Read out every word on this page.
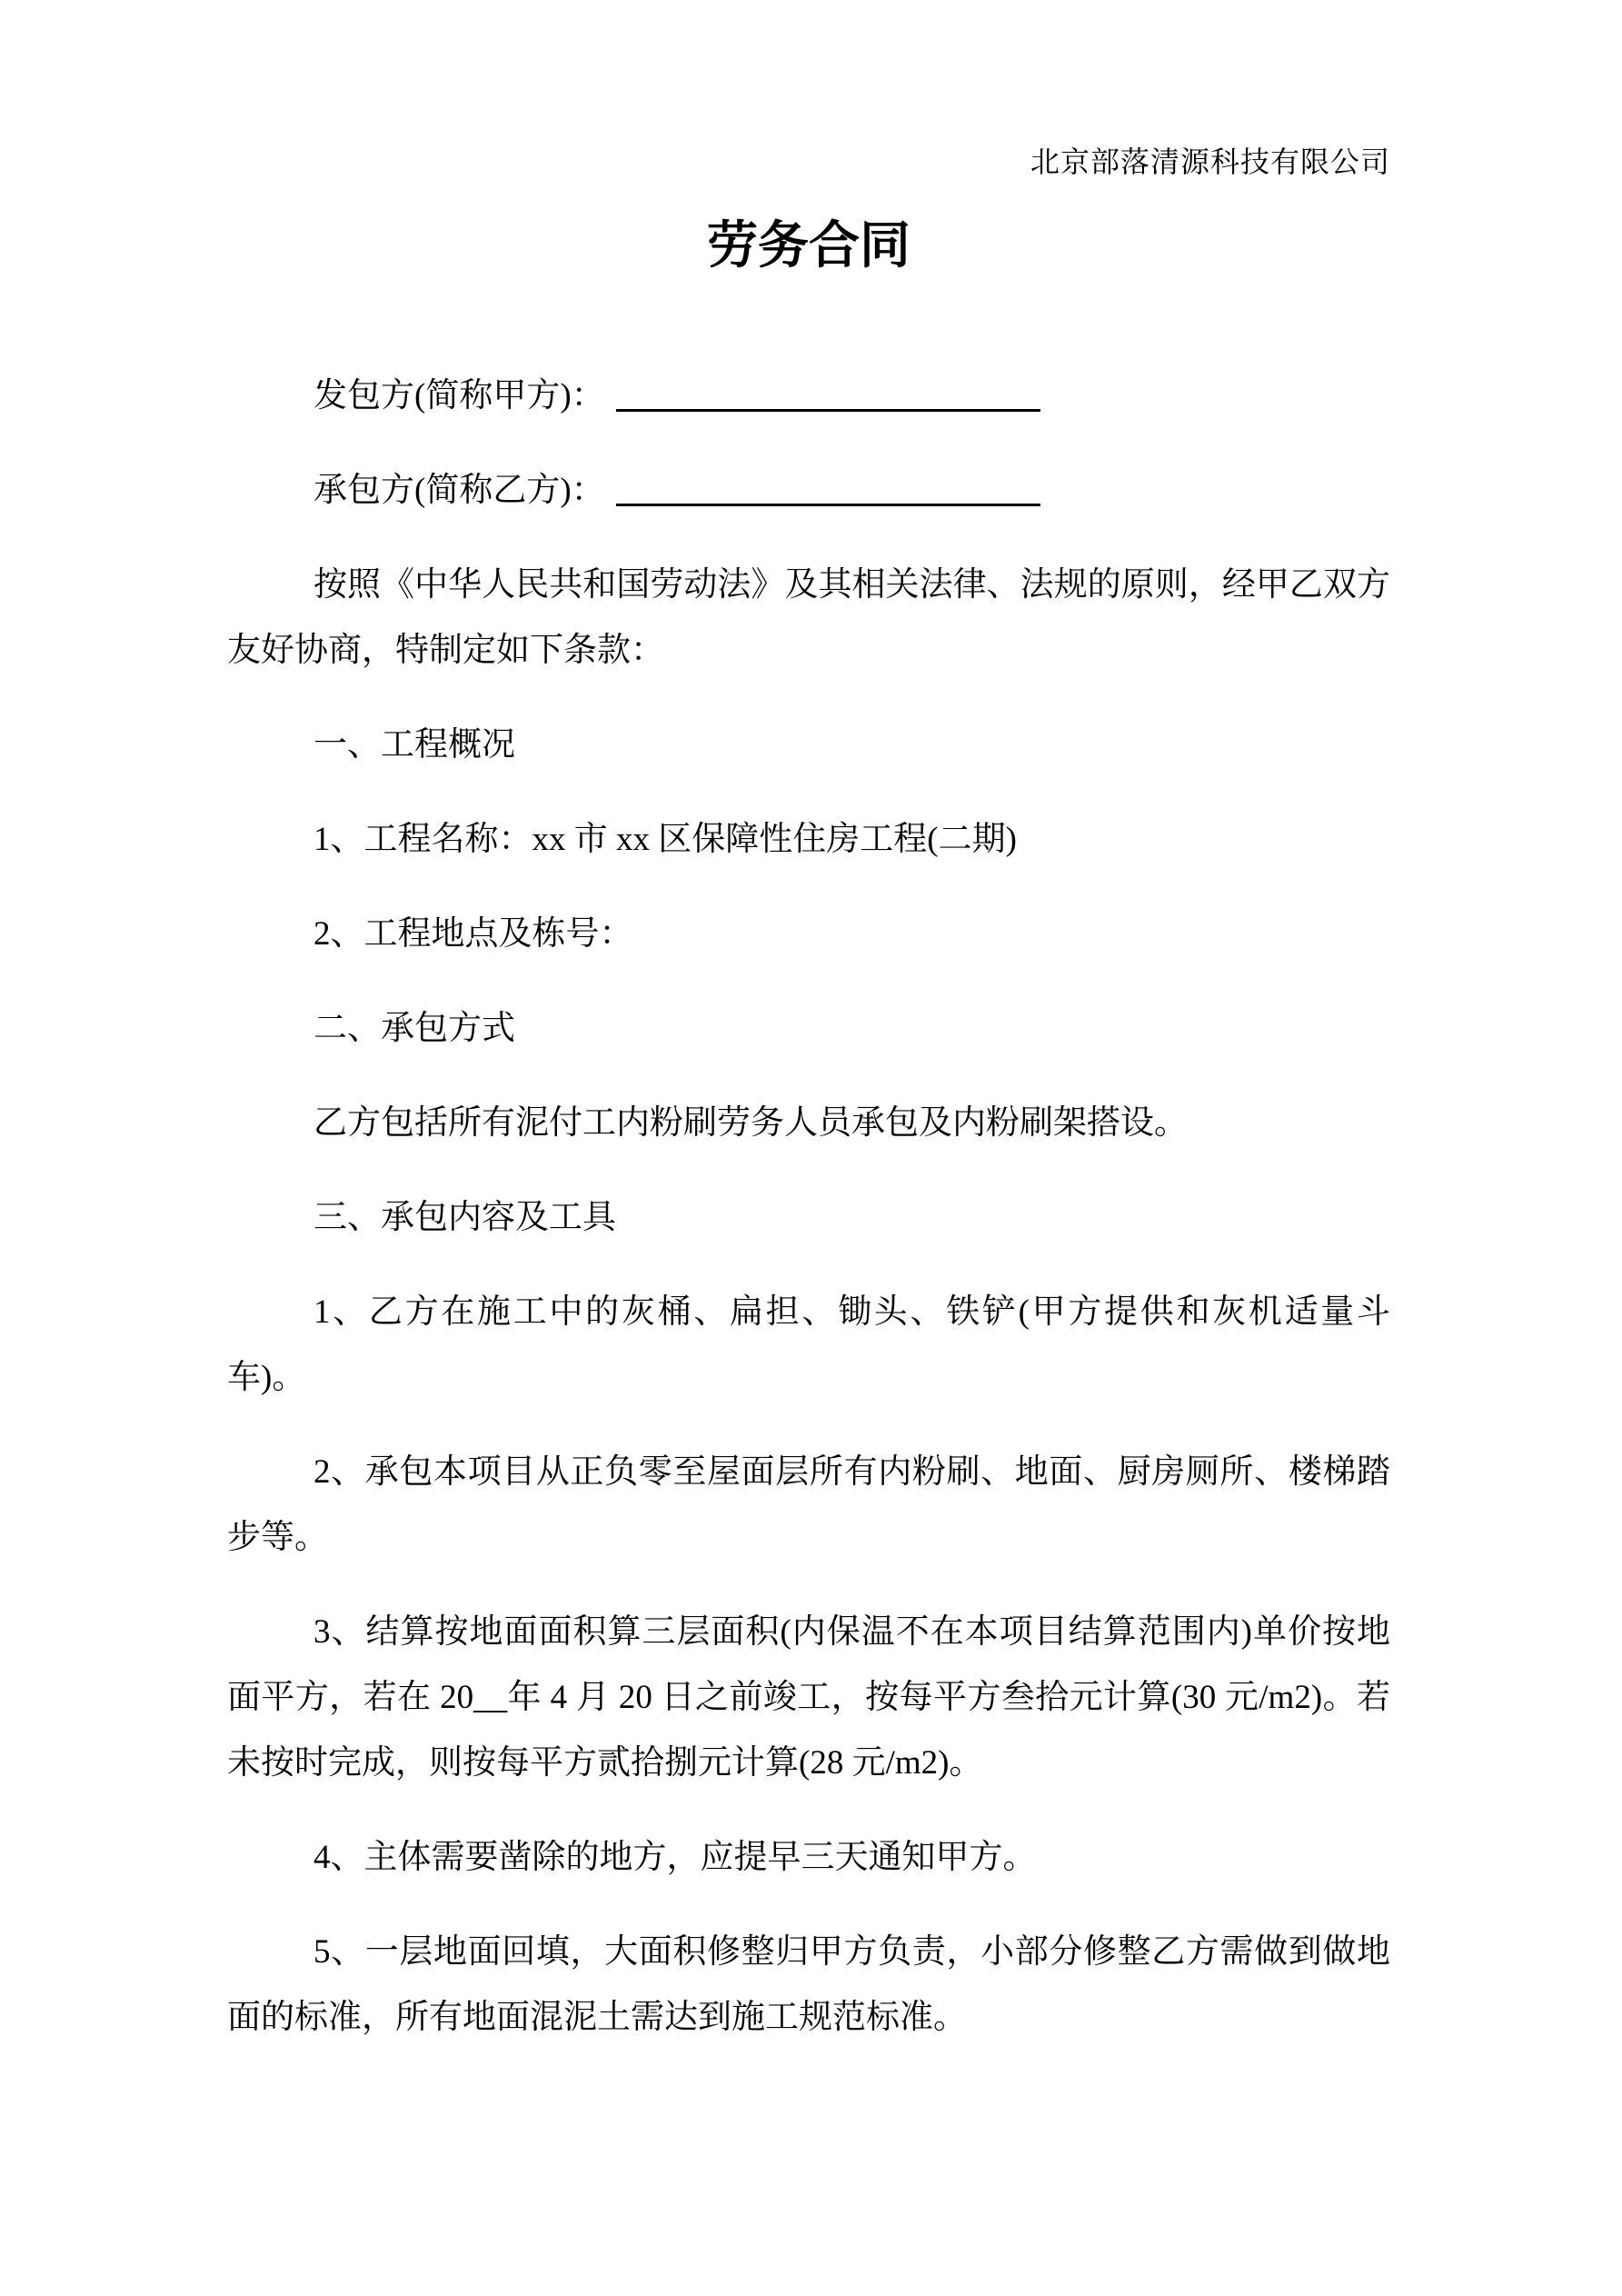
北京部落清源科技有限公司
劳务合同
发包方(简称甲方)：
承包方(简称乙方)：

按照《中华人民共和国劳动法》及其相关法律、法规的原则，经甲乙双方友好协商，特制定如下条款：

一、工程概况

1、工程名称：xx 市 xx 区保障性住房工程(二期)

2、工程地点及栋号：

二、承包方式

乙方包括所有泥付工内粉刷劳务人员承包及内粉刷架搭设。

三、承包内容及工具

1、乙方在施工中的灰桶、扁担、锄头、铁铲(甲方提供和灰机适量斗车)。

2、承包本项目从正负零至屋面层所有内粉刷、地面、厨房厕所、楼梯踏步等。

3、结算按地面面积算三层面积(内保温不在本项目结算范围内)单价按地面平方，若在 20__年 4 月 20 日之前竣工，按每平方叁拾元计算(30 元/m2)。若未按时完成，则按每平方贰拾捌元计算(28 元/m2)。

4、主体需要凿除的地方，应提早三天通知甲方。

5、一层地面回填，大面积修整归甲方负责，小部分修整乙方需做到做地面的标准，所有地面混泥土需达到施工规范标准。
